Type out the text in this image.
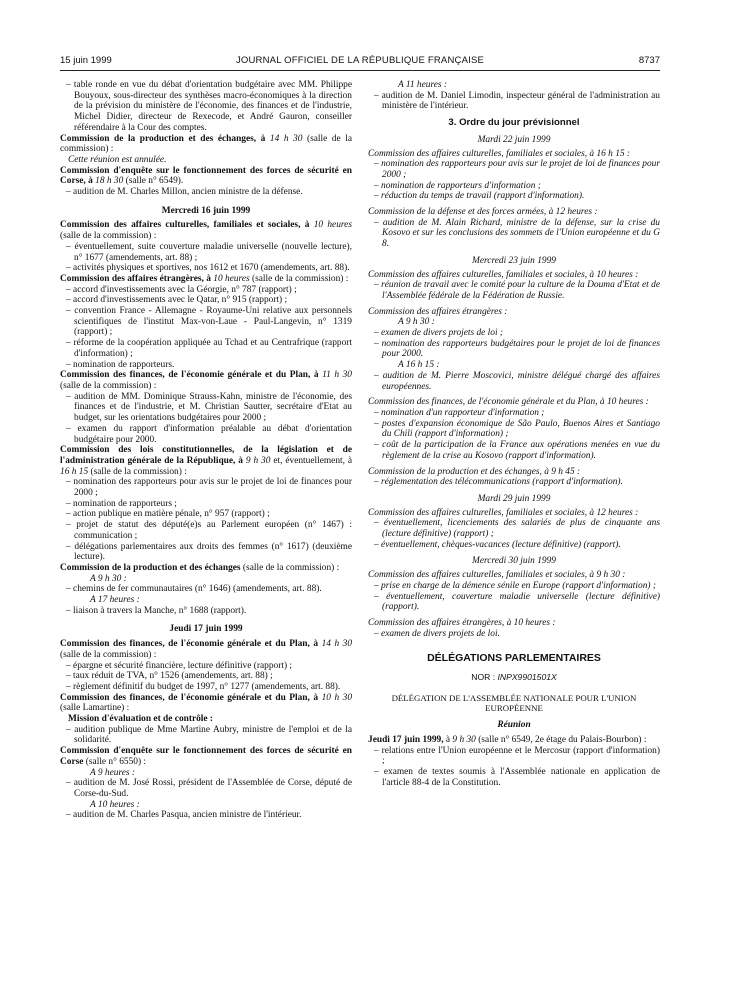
15 juin 1999	JOURNAL OFFICIEL DE LA RÉPUBLIQUE FRANÇAISE	8737

– table ronde en vue du débat d'orientation budgétaire avec MM. Philippe Bouyoux, sous-directeur des synthèses macro-économiques à la direction de la prévision du ministère de l'économie, des finances et de l'industrie, Michel Didier, directeur de Rexecode, et André Gauron, conseiller référendaire à la Cour des comptes.

Commission de la production et des échanges, à 14 h 30 (salle de la commission) :

Cette réunion est annulée.

Commission d'enquête sur le fonctionnement des forces de sécurité en Corse, à 18 h 30 (salle n° 6549).

– audition de M. Charles Millon, ancien ministre de la défense.

Mercredi 16 juin 1999

Commission des affaires culturelles, familiales et sociales, à 10 heures (salle de la commission) :

– éventuellement, suite couverture maladie universelle (nouvelle lecture), n° 1677 (amendements, art. 88) ;

– activités physiques et sportives, nos 1612 et 1670 (amendements, art. 88).

Commission des affaires étrangères, à 10 heures (salle de la commission) :

– accord d'investissements avec la Géorgie, n° 787 (rapport) ;

– accord d'investissements avec le Qatar, n° 915 (rapport) ;

– convention France - Allemagne - Royaume-Uni relative aux personnels scientifiques de l'institut Max-von-Laue - Paul-Langevin, n° 1319 (rapport) ;

– réforme de la coopération appliquée au Tchad et au Centrafrique (rapport d'information) ;

– nomination de rapporteurs.

Commission des finances, de l'économie générale et du Plan, à 11 h 30 (salle de la commission) :

– audition de MM. Dominique Strauss-Kahn, ministre de l'économie, des finances et de l'industrie, et M. Christian Sautter, secrétaire d'Etat au budget, sur les orientations budgétaires pour 2000 ;

– examen du rapport d'information préalable au débat d'orientation budgétaire pour 2000.

Commission des lois constitutionnelles, de la législation et de l'administration générale de la République, à 9 h 30 et, éventuellement, à 16 h 15 (salle de la commission) :

– nomination des rapporteurs pour avis sur le projet de loi de finances pour 2000 ;

– nomination de rapporteurs ;

– action publique en matière pénale, n° 957 (rapport) ;

– projet de statut des député(e)s au Parlement européen (n° 1467) : communication ;

– délégations parlementaires aux droits des femmes (n° 1617) (deuxième lecture).

Commission de la production et des échanges (salle de la commission) :

A 9 h 30 :

– chemins de fer communautaires (n° 1646) (amendements, art. 88).

A 17 heures :

– liaison à travers la Manche, n° 1688 (rapport).

Jeudi 17 juin 1999

Commission des finances, de l'économie générale et du Plan, à 14 h 30 (salle de la commission) :

– épargne et sécurité financière, lecture définitive (rapport) ;

– taux réduit de TVA, n° 1526 (amendements, art. 88) ;

– règlement définitif du budget de 1997, n° 1277 (amendements, art. 88).

Commission des finances, de l'économie générale et du Plan, à 10 h 30 (salle Lamartine) :

Mission d'évaluation et de contrôle :

– audition publique de Mme Martine Aubry, ministre de l'emploi et de la solidarité.

Commission d'enquête sur le fonctionnement des forces de sécurité en Corse (salle n° 6550) :

A 9 heures :

– audition de M. José Rossi, président de l'Assemblée de Corse, député de Corse-du-Sud.

A 10 heures :

– audition de M. Charles Pasqua, ancien ministre de l'intérieur.

A 11 heures :

– audition de M. Daniel Limodin, inspecteur général de l'administration au ministère de l'intérieur.

3. Ordre du jour prévisionnel

Mardi 22 juin 1999

Commission des affaires culturelles, familiales et sociales, à 16 h 15 :

– nomination des rapporteurs pour avis sur le projet de loi de finances pour 2000 ;

– nomination de rapporteurs d'information ;

– réduction du temps de travail (rapport d'information).

Commission de la défense et des forces armées, à 12 heures :

– audition de M. Alain Richard, ministre de la défense, sur la crise du Kosovo et sur les conclusions des sommets de l'Union européenne et du G 8.

Mercredi 23 juin 1999

Commission des affaires culturelles, familiales et sociales, à 10 heures :

– réunion de travail avec le comité pour la culture de la Douma d'Etat et de l'Assemblée fédérale de la Fédération de Russie.

Commission des affaires étrangères :

A 9 h 30 :

– examen de divers projets de loi ;

– nomination des rapporteurs budgétaires pour le projet de loi de finances pour 2000.

A 16 h 15 :

– audition de M. Pierre Moscovici, ministre délégué chargé des affaires européennes.

Commission des finances, de l'économie générale et du Plan, à 10 heures :

– nomination d'un rapporteur d'information ;

– postes d'expansion économique de São Paulo, Buenos Aires et Santiago du Chili (rapport d'information) ;

– coût de la participation de la France aux opérations menées en vue du règlement de la crise au Kosovo (rapport d'information).

Commission de la production et des échanges, à 9 h 45 :

– réglementation des télécommunications (rapport d'information).

Mardi 29 juin 1999

Commission des affaires culturelles, familiales et sociales, à 12 heures :

– éventuellement, licenciements des salariés de plus de cinquante ans (lecture définitive) (rapport) ;

– éventuellement, chèques-vacances (lecture définitive) (rapport).

Mercredi 30 juin 1999

Commission des affaires culturelles, familiales et sociales, à 9 h 30 :

– prise en charge de la démence sénile en Europe (rapport d'information) ;

– éventuellement, couverture maladie universelle (lecture définitive) (rapport).

Commission des affaires étrangères, à 10 heures :

– examen de divers projets de loi.

DÉLÉGATIONS PARLEMENTAIRES

NOR : INPX9901501X

DÉLÉGATION DE L'ASSEMBLÉE NATIONALE POUR L'UNION EUROPÉENNE

Réunion

Jeudi 17 juin 1999, à 9 h 30 (salle n° 6549, 2e étage du Palais-Bourbon) :

– relations entre l'Union européenne et le Mercosur (rapport d'information) ;

– examen de textes soumis à l'Assemblée nationale en application de l'article 88-4 de la Constitution.
